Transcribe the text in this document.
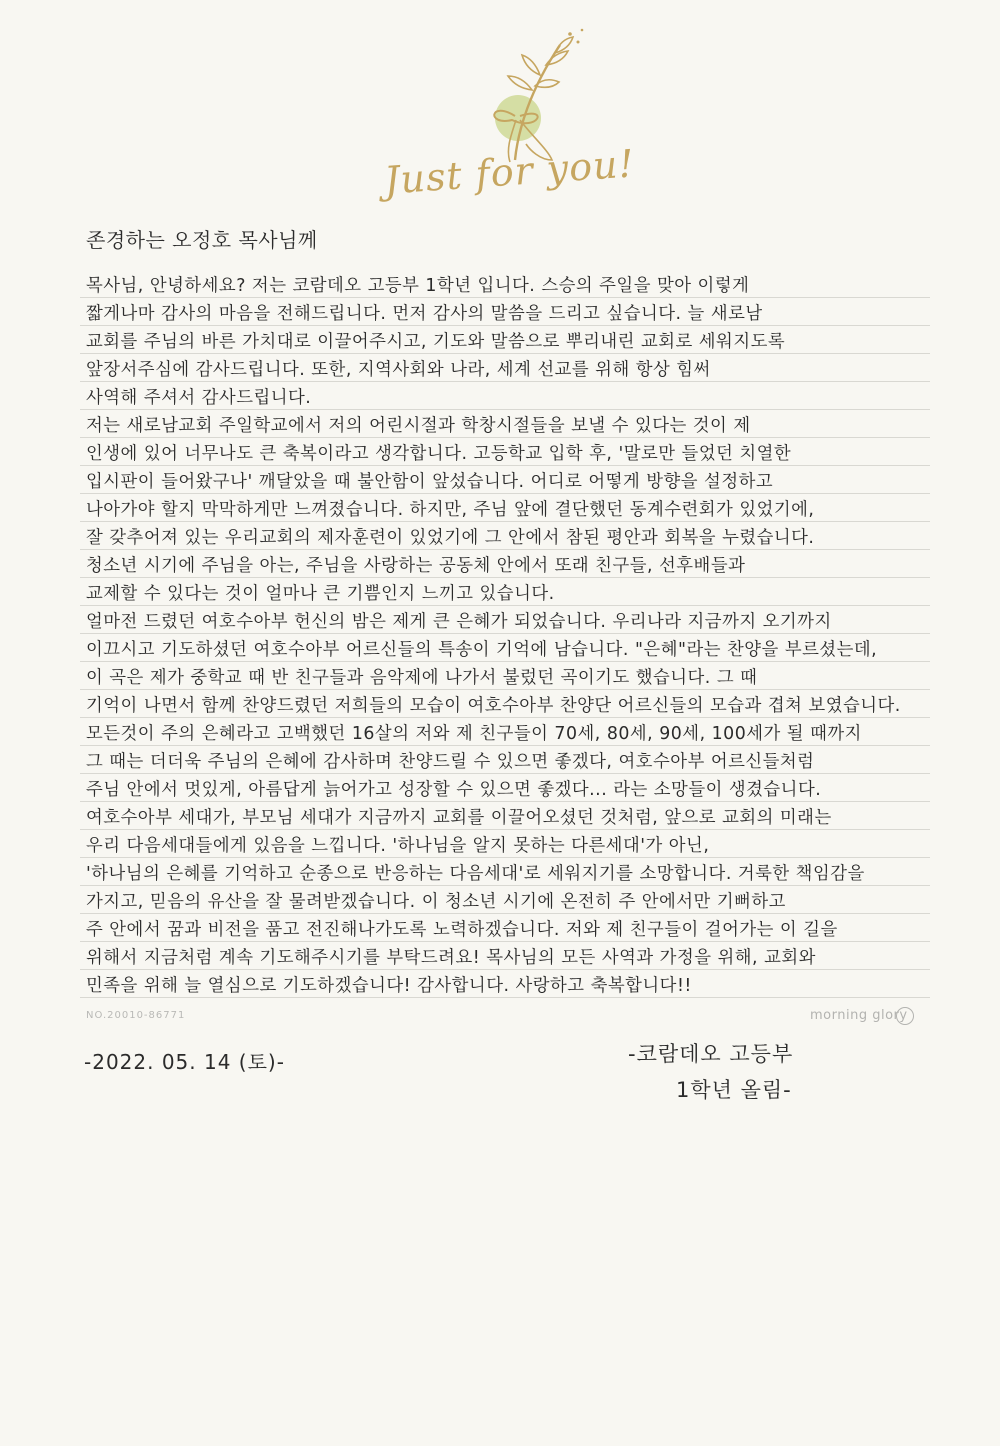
Just for you!
존경하는 오정호 목사님께
목사님, 안녕하세요? 저는 코람데오 고등부 1학년 입니다. 스승의 주일을 맞아 이렇게
짧게나마 감사의 마음을 전해드립니다. 먼저 감사의 말씀을 드리고 싶습니다. 늘 새로남
교회를 주님의 바른 가치대로 이끌어주시고, 기도와 말씀으로 뿌리내린 교회로 세워지도록
앞장서주심에 감사드립니다. 또한, 지역사회와 나라, 세계 선교를 위해 항상 힘써
사역해 주셔서 감사드립니다.
저는 새로남교회 주일학교에서 저의 어린시절과 학창시절들을 보낼 수 있다는 것이 제
인생에 있어 너무나도 큰 축복이라고 생각합니다. 고등학교 입학 후, '말로만 들었던 치열한
입시판이 들어왔구나' 깨달았을 때 불안함이 앞섰습니다. 어디로 어떻게 방향을 설정하고
나아가야 할지 막막하게만 느껴졌습니다. 하지만, 주님 앞에 결단했던 동계수련회가 있었기에,
잘 갖추어져 있는 우리교회의 제자훈련이 있었기에 그 안에서 참된 평안과 회복을 누렸습니다.
청소년 시기에 주님을 아는, 주님을 사랑하는 공동체 안에서 또래 친구들, 선후배들과
교제할 수 있다는 것이 얼마나 큰 기쁨인지 느끼고 있습니다.
얼마전 드렸던 여호수아부 헌신의 밤은 제게 큰 은혜가 되었습니다. 우리나라 지금까지 오기까지
이끄시고 기도하셨던 여호수아부 어르신들의 특송이 기억에 남습니다. "은혜"라는 찬양을 부르셨는데,
이 곡은 제가 중학교 때 반 친구들과 음악제에 나가서 불렀던 곡이기도 했습니다. 그 때
기억이 나면서 함께 찬양드렸던 저희들의 모습이 여호수아부 찬양단 어르신들의 모습과 겹쳐 보였습니다.
모든것이 주의 은혜라고 고백했던 16살의 저와 제 친구들이 70세, 80세, 90세, 100세가 될 때까지
그 때는 더더욱 주님의 은혜에 감사하며 찬양드릴 수 있으면 좋겠다, 여호수아부 어르신들처럼
NO.20010-86771	morning glory
-2022. 05. 14 (토)-	-코람데오 고등부
1학년 올림-
주님 안에서 멋있게, 아름답게 늙어가고 성장할 수 있으면 좋겠다... 라는 소망들이 생겼습니다.
여호수아부 세대가, 부모님 세대가 지금까지 교회를 이끌어오셨던 것처럼, 앞으로 교회의 미래는
우리 다음세대들에게 있음을 느낍니다. '하나님을 알지 못하는 다른세대'가 아닌,
'하나님의 은혜를 기억하고 순종으로 반응하는 다음세대'로 세워지기를 소망합니다. 거룩한 책임감을
가지고, 믿음의 유산을 잘 물려받겠습니다. 이 청소년 시기에 온전히 주 안에서만 기뻐하고
주 안에서 꿈과 비전을 품고 전진해나가도록 노력하겠습니다. 저와 제 친구들이 걸어가는 이 길을
위해서 지금처럼 계속 기도해주시기를 부탁드려요! 목사님의 모든 사역과 가정을 위해, 교회와
민족을 위해 늘 열심으로 기도하겠습니다! 감사합니다. 사랑하고 축복합니다!!
